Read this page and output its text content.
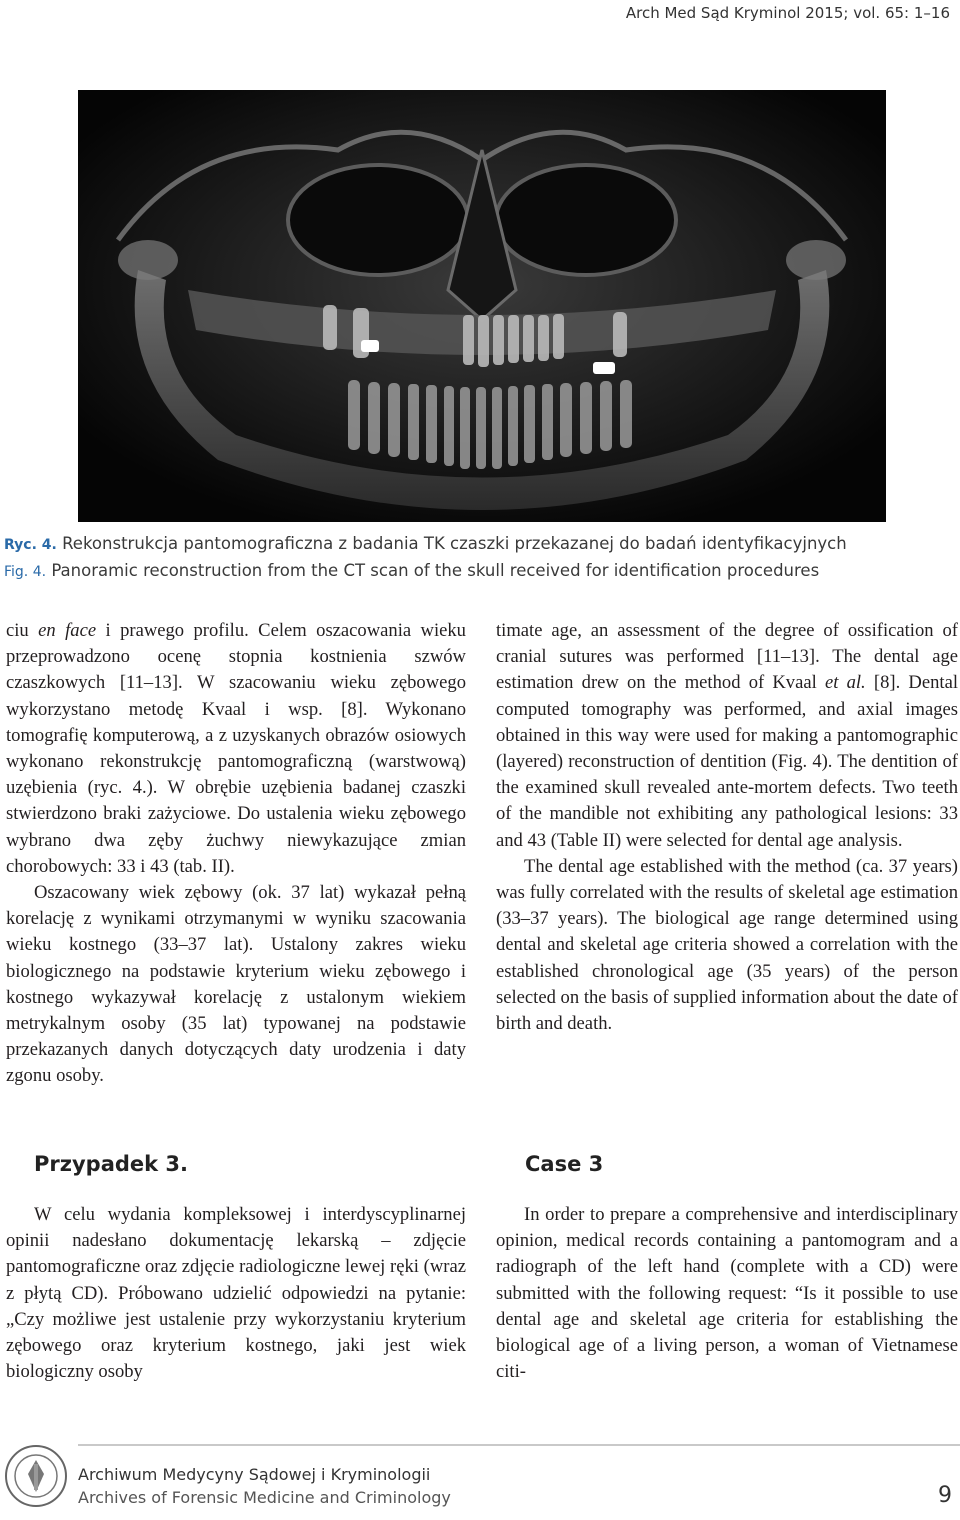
Arch Med Sąd Kryminol 2015; vol. 65: 1–16
Ryc. 4. Rekonstrukcja pantomograficzna z badania TK czaszki przekazanej do badań identyfikacyjnych
Fig. 4. Panoramic reconstruction from the CT scan of the skull received for identification procedures

ciu en face i prawego profilu. Celem oszacowania wieku przeprowadzono ocenę stopnia kostnienia szwów czaszkowych [11–13]. W szacowaniu wieku zębowego wykorzystano metodę Kvaal i wsp. [8]. Wykonano tomografię komputerową, a z uzyskanych obrazów osiowych wykonano rekonstrukcję pantomograficzną (warstwową) uzębienia (ryc. 4.). W obrębie uzębienia badanej czaszki stwierdzono braki zażyciowe. Do ustalenia wieku zębowego wybrano dwa zęby żuchwy niewykazujące zmian chorobowych: 33 i 43 (tab. II).

Oszacowany wiek zębowy (ok. 37 lat) wykazał pełną korelację z wynikami otrzymanymi w wyniku szacowania wieku kostnego (33–37 lat). Ustalony zakres wieku biologicznego na podstawie kryterium wieku zębowego i kostnego wykazywał korelację z ustalonym wiekiem metrykalnym osoby (35 lat) typowanej na podstawie przekazanych danych dotyczących daty urodzenia i daty zgonu osoby.

timate age, an assessment of the degree of ossification of cranial sutures was performed [11–13]. The dental age estimation drew on the method of Kvaal et al. [8]. Dental computed tomography was performed, and axial images obtained in this way were used for making a pantomographic (layered) reconstruction of dentition (Fig. 4). The dentition of the examined skull revealed ante-mortem defects. Two teeth of the mandible not exhibiting any pathological lesions: 33 and 43 (Table II) were selected for dental age analysis.

The dental age established with the method (ca. 37 years) was fully correlated with the results of skeletal age estimation (33–37 years). The biological age range determined using dental and skeletal age criteria showed a correlation with the established chronological age (35 years) of the person selected on the basis of supplied information about the date of birth and death.

Przypadek 3.	Case 3

W celu wydania kompleksowej i interdyscyplinarnej opinii nadesłano dokumentację lekarską – zdjęcie pantomograficzne oraz zdjęcie radiologiczne lewej ręki (wraz z płytą CD). Próbowano udzielić odpowiedzi na pytanie: „Czy możliwe jest ustalenie przy wykorzystaniu kryterium zębowego oraz kryterium kostnego, jaki jest wiek biologiczny osoby

In order to prepare a comprehensive and interdisciplinary opinion, medical records containing a pantomogram and a radiograph of the left hand (complete with a CD) were submitted with the following request: “Is it possible to use dental age and skeletal age criteria for establishing the biological age of a living person, a woman of Vietnamese citi-

Archiwum Medycyny Sądowej i Kryminologii
Archives of Forensic Medicine and Criminology	9
